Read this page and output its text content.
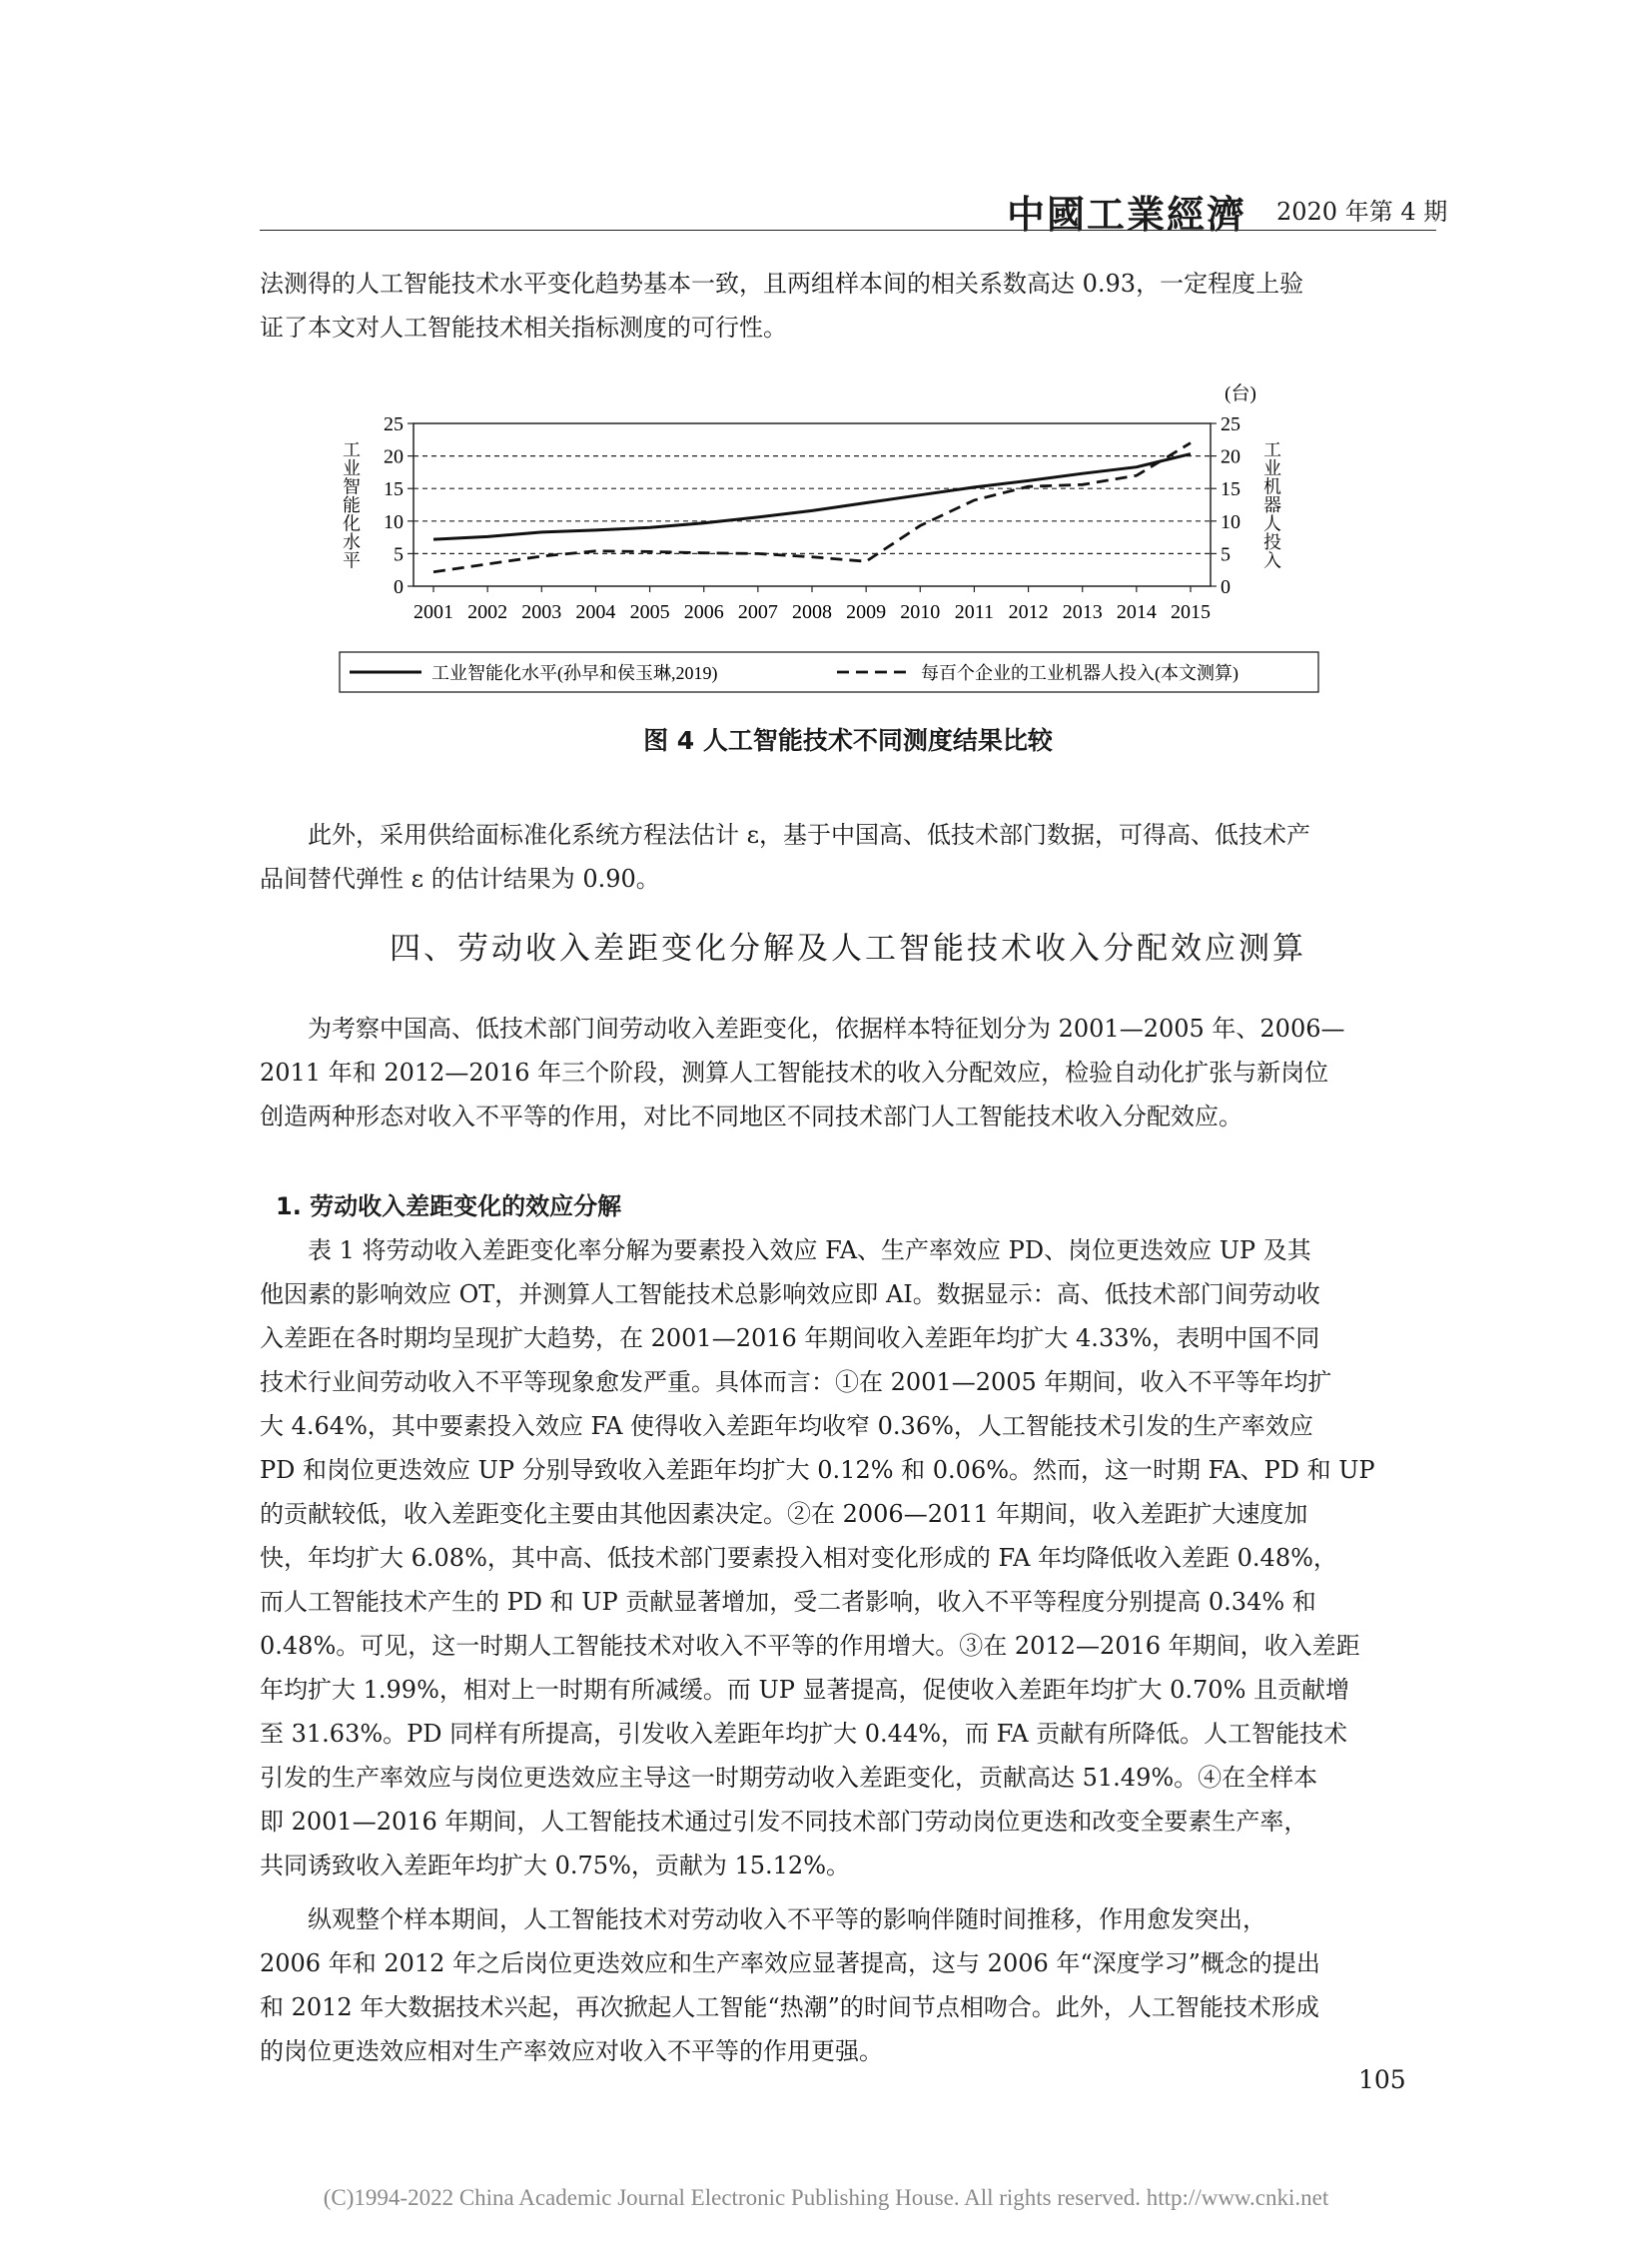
中國工業經濟 2020 年第 4 期

法测得的人工智能技术水平变化趋势基本一致，且两组样本间的相关系数高达 0.93，一定程度上验

证了本文对人工智能技术相关指标测度的可行性。

0
5
10
15
20
25
0
5
10
15
20
25
2001 2002 2003 2004 2005 2006 2007 2008 2009 2010 2011 2012 2013 2014 2015
工业智能化水平
工业机器人投入
(台)
工业智能化水平(孙早和侯玉琳,2019)	每百个企业的工业机器人投入(本文测算)
图 4 人工智能技术不同测度结果比较

此外，采用供给面标准化系统方程法估计 ε，基于中国高、低技术部门数据，可得高、低技术产

品间替代弹性 ε 的估计结果为 0.90。

四、劳动收入差距变化分解及人工智能技术收入分配效应测算

为考察中国高、低技术部门间劳动收入差距变化，依据样本特征划分为 2001—2005 年、2006—

2011 年和 2012—2016 年三个阶段，测算人工智能技术的收入分配效应，检验自动化扩张与新岗位

创造两种形态对收入不平等的作用，对比不同地区不同技术部门人工智能技术收入分配效应。

1. 劳动收入差距变化的效应分解

表 1 将劳动收入差距变化率分解为要素投入效应 FA、生产率效应 PD、岗位更迭效应 UP 及其

他因素的影响效应 OT，并测算人工智能技术总影响效应即 AI。数据显示：高、低技术部门间劳动收

入差距在各时期均呈现扩大趋势，在 2001—2016 年期间收入差距年均扩大 4.33%，表明中国不同

技术行业间劳动收入不平等现象愈发严重。具体而言：①在 2001—2005 年期间，收入不平等年均扩

大 4.64%，其中要素投入效应 FA 使得收入差距年均收窄 0.36%，人工智能技术引发的生产率效应

PD 和岗位更迭效应 UP 分别导致收入差距年均扩大 0.12% 和 0.06%。然而，这一时期 FA、PD 和 UP

的贡献较低，收入差距变化主要由其他因素决定。②在 2006—2011 年期间，收入差距扩大速度加

快，年均扩大 6.08%，其中高、低技术部门要素投入相对变化形成的 FA 年均降低收入差距 0.48%，

而人工智能技术产生的 PD 和 UP 贡献显著增加，受二者影响，收入不平等程度分别提高 0.34% 和

0.48%。可见，这一时期人工智能技术对收入不平等的作用增大。③在 2012—2016 年期间，收入差距

年均扩大 1.99%，相对上一时期有所减缓。而 UP 显著提高，促使收入差距年均扩大 0.70% 且贡献增

至 31.63%。PD 同样有所提高，引发收入差距年均扩大 0.44%，而 FA 贡献有所降低。人工智能技术

引发的生产率效应与岗位更迭效应主导这一时期劳动收入差距变化，贡献高达 51.49%。④在全样本

即 2001—2016 年期间，人工智能技术通过引发不同技术部门劳动岗位更迭和改变全要素生产率，

共同诱致收入差距年均扩大 0.75%，贡献为 15.12%。

纵观整个样本期间，人工智能技术对劳动收入不平等的影响伴随时间推移，作用愈发突出，

2006 年和 2012 年之后岗位更迭效应和生产率效应显著提高，这与 2006 年“深度学习”概念的提出

和 2012 年大数据技术兴起，再次掀起人工智能“热潮”的时间节点相吻合。此外，人工智能技术形成

的岗位更迭效应相对生产率效应对收入不平等的作用更强。

105
(C)1994-2022 China Academic Journal Electronic Publishing House. All rights reserved. http://www.cnki.net
